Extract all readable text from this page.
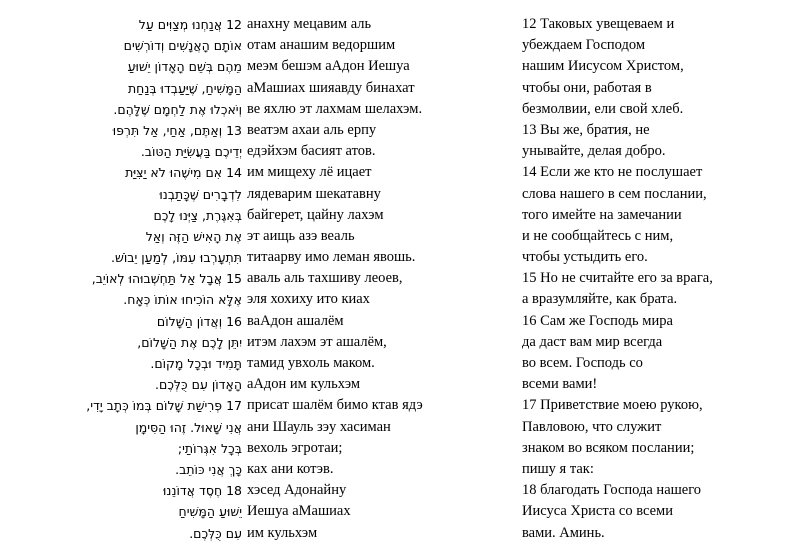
12 אֲנַחְנוּ מְצַוִּים עַל
אוֹתָם הָאֲנָשִׁים וְדוֹרְשִׁים
מֵהֶם בְּשֵׁם הָאָדוֹן יֵשׁוּעַ
הַמָּשִׁיחַ, שֶׁיַּעַבְדוּ בְּנַחַת
וְיֹאכְלוּ אֶת לַחְמָם שֶׁלָּהֶם.
13 וְאַתֶּם, אַחַי, אַל תִּרְפּוּ
יְדֵיכֶם בַּעֲשִׂיַּת הַטּוֹב.
14 אִם מִישֶׁהוּ לֹא יַצִּיַּת
לִדְבָרִים שֶׁכָּתַבְנוּ
בְּאִגֶּרֶת, צַיְּנוּ לָכֶם
אֶת הָאִישׁ הַזֶּה וְאַל
תִּתְעָרְבוּ עִמּוֹ, לְמַעַן יֵבוֹשׁ.
15 אֲבָל אַל תַּחְשְׁבוּהוּ לְאוֹיֵב,
אֶלָּא הוֹכִיחוּ אוֹתוֹ כְּאָח.
16 וְאֲדוֹן הַשָּׁלוֹם
יִתֵּן לָכֶם אֶת הַשָּׁלוֹם,
תָּמִיד וּבְכָל מָקוֹם.
הָאָדוֹן עִם כֻּלְּכֶם.
17 פְּרִישַׁת שָׁלוֹם בְּמוֹ כְּתָב יָדִי,
אֲנִי שָׁאוּל. זֶהוּ הַסִּימָן
בְּכָל אִגְּרוֹתַי;
כָּךְ אֲנִי כּוֹתֵב.
18 חֶסֶד אֲדוֹנֵנוּ
יֵשׁוּעַ הַמָּשִׁיחַ
עִם כֻּלְּכֶם.
анахну мецавим аль
отам анашим ведоршим
меэм бешэм аАдон Иешуа
аМашиах шияавду бинахат
ве яхлю эт лахмам шелахэм.
веатэм ахаи аль ерпу
едэйхэм басият атов.
им мищеху лё ицает
лядеварим шекатавну
байгерет, цайну лахэм
эт аищь азэ веаль
титаарву имо леман явошь.
аваль аль тахшиву леоев,
эля хохиху ито киах
ваАдон ашалём
итэм лахэм эт ашалём,
тамид увхоль маком.
аАдон им кульхэм
присат шалём бимо ктав ядэ
ани Шауль зэу хасиман
вехоль эгротаи;
ках ани котэв.
хэсед Адонайну
Иешуа аМашиах
им кульхэм
12 Таковых увещеваем и
убеждаем Господом
нашим Иисусом Христом,
чтобы они, работая в
безмолвии, ели свой хлеб.
13 Вы же, братия, не
унывайте, делая добро.
14 Если же кто не послушает
слова нашего в сем послании,
того имейте на замечании
и не сообщайтесь с ним,
чтобы устыдить его.
15 Но не считайте его за врага,
а вразумляйте, как брата.
16 Сам же Господь мира
да даст вам мир всегда
во всем. Господь со
всеми вами!
17 Приветствие моею рукою,
Павловою, что служит
знаком во всяком послании;
пишу я так:
18 благодать Господа нашего
Иисуса Христа со всеми
вами. Аминь.
